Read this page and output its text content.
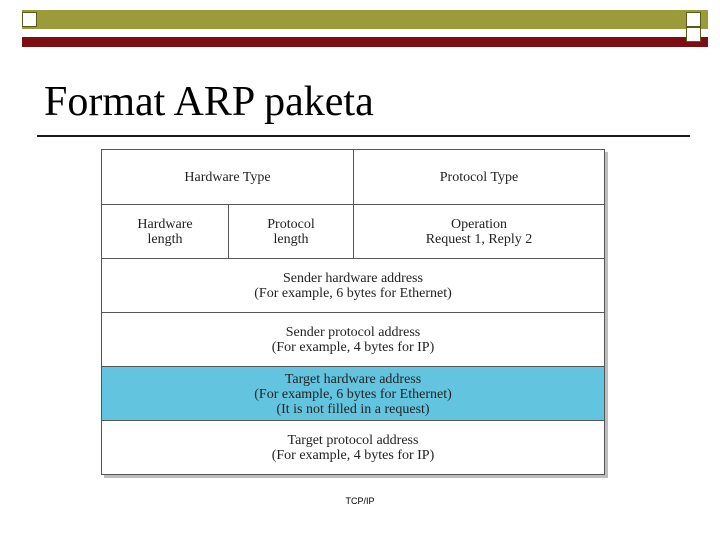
Format ARP paketa
Hardware Type	Protocol Type
Hardware
length
Protocol
length
Operation
Request 1, Reply 2
Sender hardware address
(For example, 6 bytes for Ethernet)
Sender protocol address
(For example, 4 bytes for IP)
Target hardware address
(For example, 6 bytes for Ethernet)
(It is not filled in a request)
Target protocol address
(For example, 4 bytes for IP)
TCP/IP
